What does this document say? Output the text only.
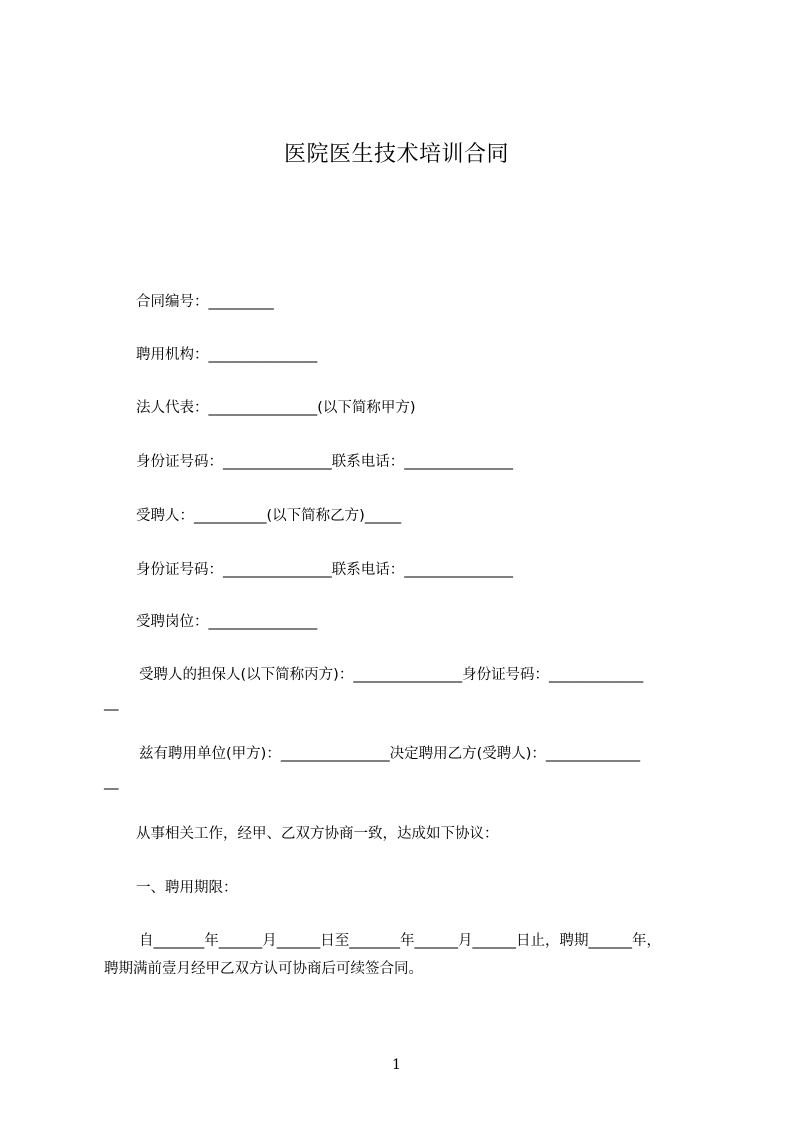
医院医生技术培训合同
合同编号：_________
聘用机构：_______________
法人代表：_______________(以下简称甲方)
身份证号码：_______________联系电话：_______________
受聘人：__________(以下简称乙方)_____
身份证号码：_______________联系电话：_______________
受聘岗位：_______________
受聘人的担保人(以下简称丙方)：_______________身份证号码：_____________
__
兹有聘用单位(甲方)：_______________决定聘用乙方(受聘人)：_____________
__
从事相关工作，经甲、乙双方协商一致，达成如下协议：
一、聘用期限：
自_______年______月______日至_______年______月______日止，聘期______年，
聘期满前壹月经甲乙双方认可协商后可续签合同。
1
